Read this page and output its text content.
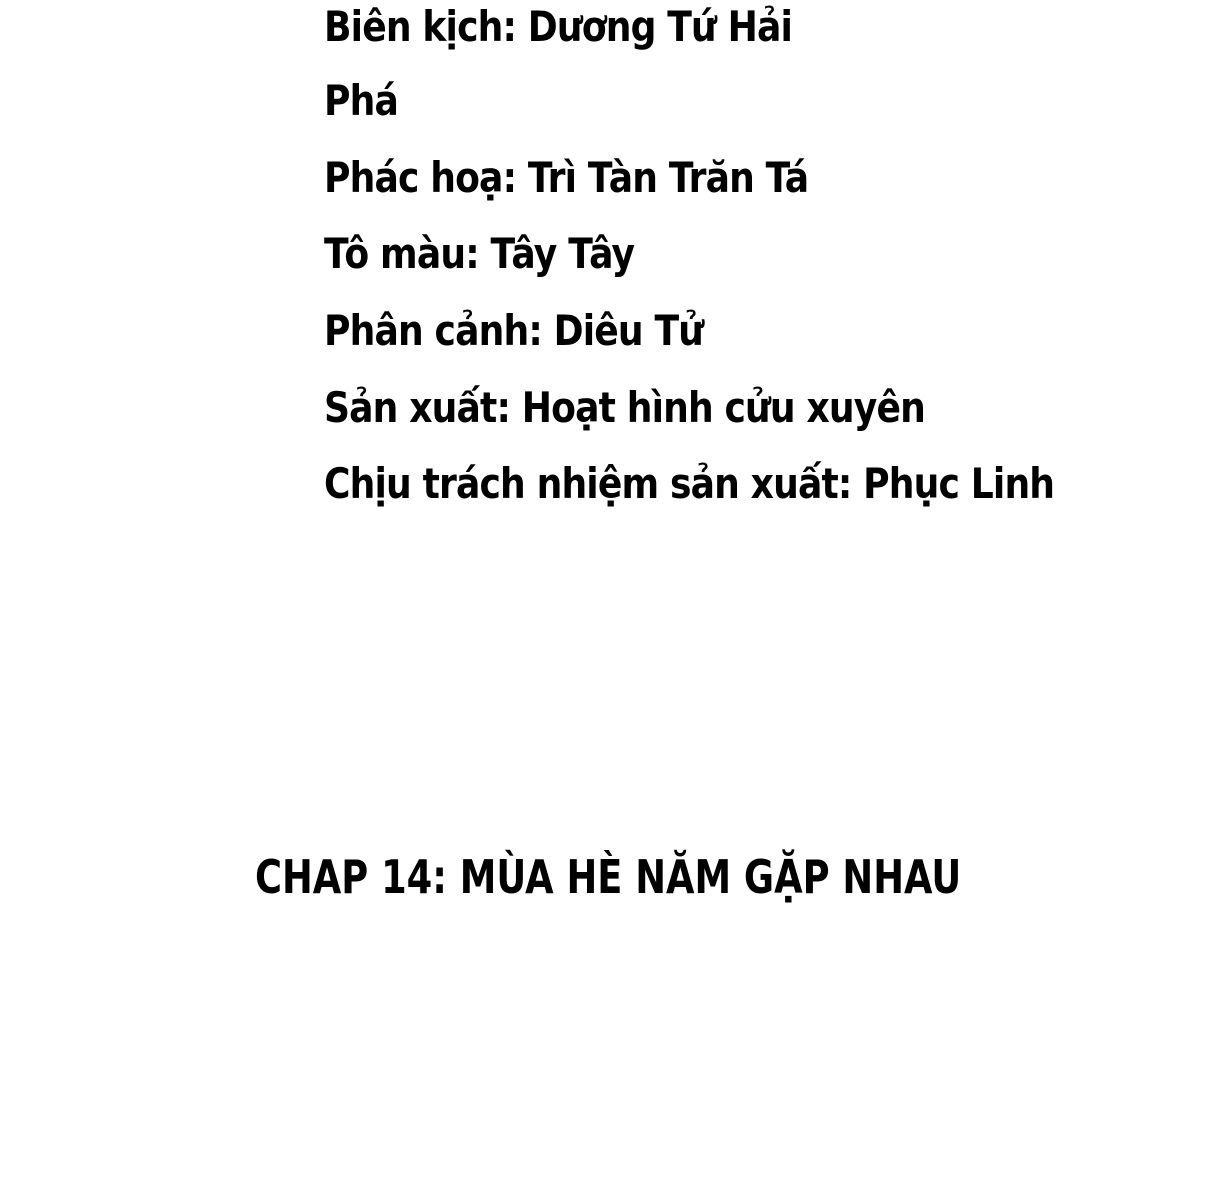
Biên kịch: Dương Tứ Hải
Phá
Phác hoạ: Trì Tàn Trăn Tá
Tô màu: Tây Tây
Phân cảnh: Diêu Tử
Sản xuất: Hoạt hình cửu xuyên
Chịu trách nhiệm sản xuất: Phục Linh
CHAP 14: MÙA HÈ NĂM GẶP NHAU
